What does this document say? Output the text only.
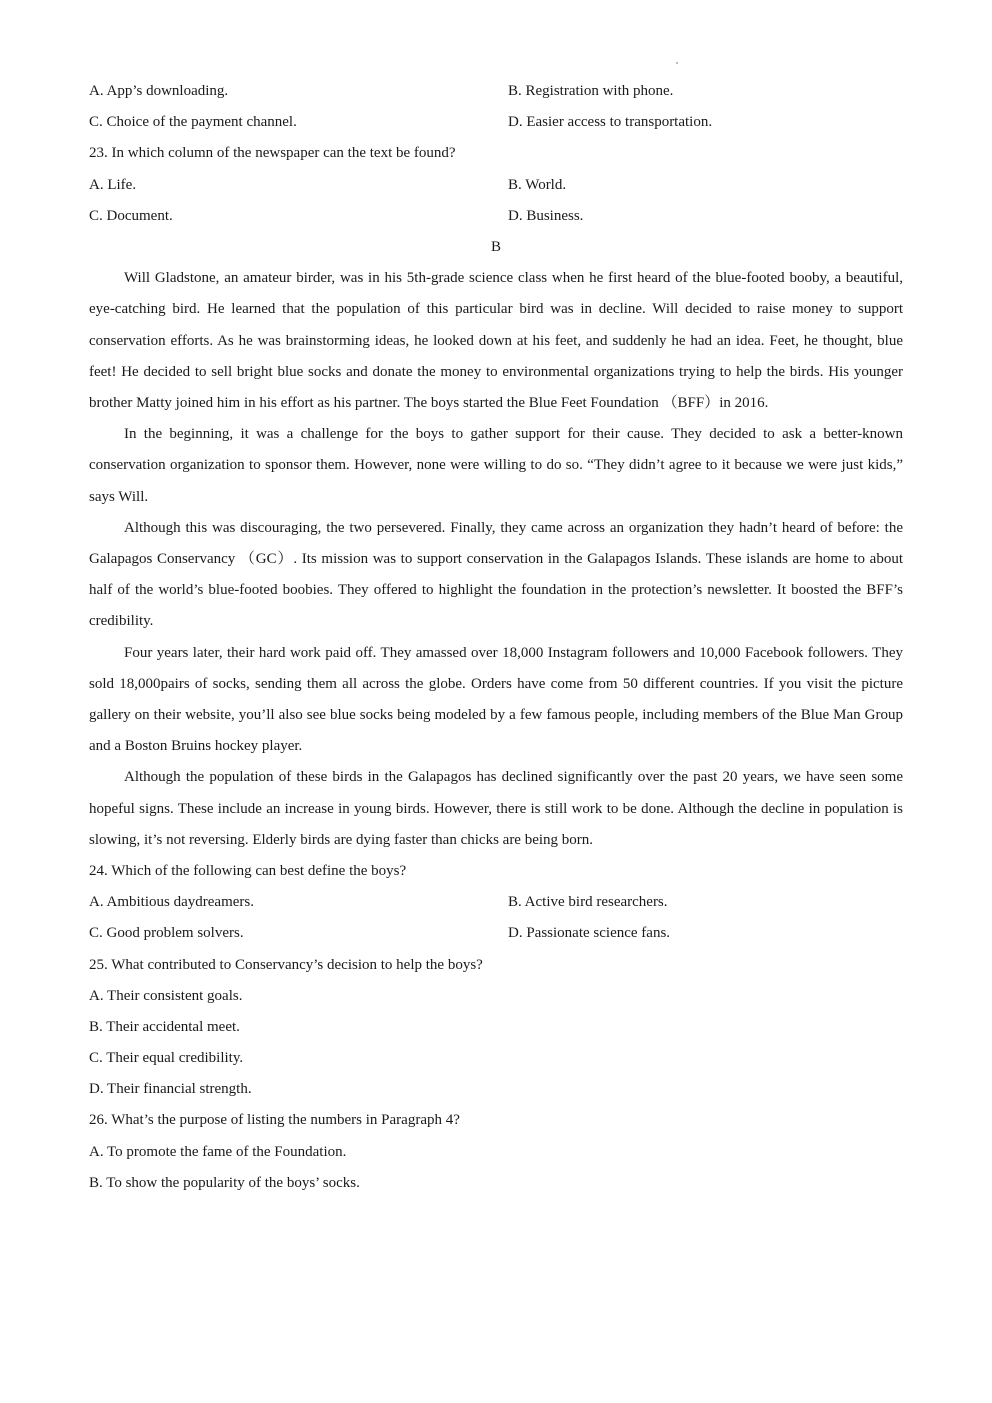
A. App’s downloading.	B. Registration with phone.
C. Choice of the payment channel.	D. Easier access to transportation.
23. In which column of the newspaper can the text be found?
A. Life.	B. World.
C. Document.	D. Business.
B

Will Gladstone, an amateur birder, was in his 5th-grade science class when he first heard of the blue-footed booby, a beautiful, eye-catching bird. He learned that the population of this particular bird was in decline. Will decided to raise money to support conservation efforts. As he was brainstorming ideas, he looked down at his feet, and suddenly he had an idea. Feet, he thought, blue feet! He decided to sell bright blue socks and donate the money to environmental organizations trying to help the birds. His younger brother Matty joined him in his effort as his partner. The boys started the Blue Feet Foundation （BFF）in 2016.

In the beginning, it was a challenge for the boys to gather support for their cause. They decided to ask a better-known conservation organization to sponsor them. However, none were willing to do so. “They didn’t agree to it because we were just kids,” says Will.

Although this was discouraging, the two persevered. Finally, they came across an organization they hadn’t heard of before: the Galapagos Conservancy （GC）. Its mission was to support conservation in the Galapagos Islands. These islands are home to about half of the world’s blue-footed boobies. They offered to highlight the foundation in the protection’s newsletter. It boosted the BFF’s credibility.

Four years later, their hard work paid off. They amassed over 18,000 Instagram followers and 10,000 Facebook followers. They sold 18,000pairs of socks, sending them all across the globe. Orders have come from 50 different countries. If you visit the picture gallery on their website, you’ll also see blue socks being modeled by a few famous people, including members of the Blue Man Group and a Boston Bruins hockey player.

Although the population of these birds in the Galapagos has declined significantly over the past 20 years, we have seen some hopeful signs. These include an increase in young birds. However, there is still work to be done. Although the decline in population is slowing, it’s not reversing. Elderly birds are dying faster than chicks are being born.

24. Which of the following can best define the boys?
A. Ambitious daydreamers.	B. Active bird researchers.
C. Good problem solvers.	D. Passionate science fans.
25. What contributed to Conservancy’s decision to help the boys?
A. Their consistent goals.
B. Their accidental meet.
C. Their equal credibility.
D. Their financial strength.
26. What’s the purpose of listing the numbers in Paragraph 4?
A. To promote the fame of the Foundation.
B. To show the popularity of the boys’ socks.
